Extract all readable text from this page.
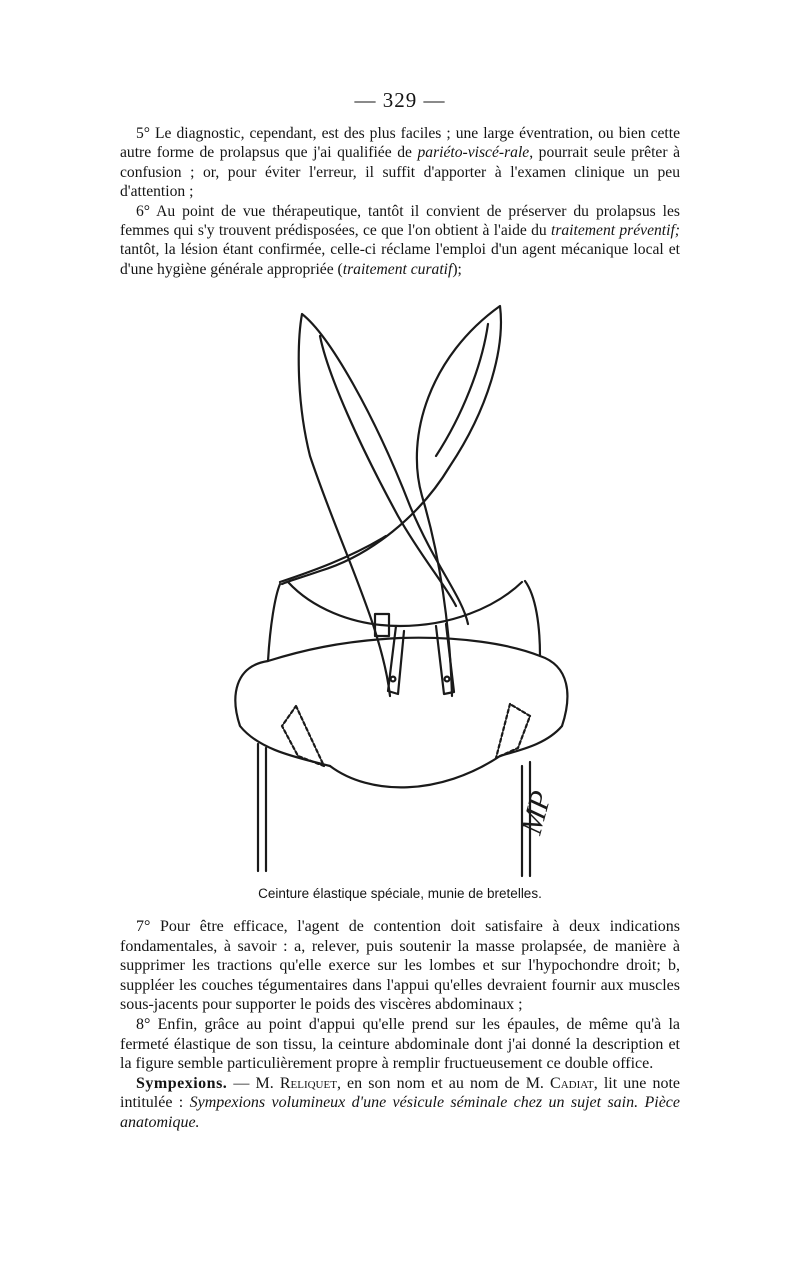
— 329 —

5° Le diagnostic, cependant, est des plus faciles ; une large éventration, ou bien cette autre forme de prolapsus que j'ai qualifiée de pariéto-viscé-rale, pourrait seule prêter à confusion ; or, pour éviter l'erreur, il suffit d'apporter à l'examen clinique un peu d'attention ;

6° Au point de vue thérapeutique, tantôt il convient de préserver du prolapsus les femmes qui s'y trouvent prédisposées, ce que l'on obtient à l'aide du traitement préventif; tantôt, la lésion étant confirmée, celle-ci réclame l'emploi d'un agent mécanique local et d'une hygiène générale appropriée (traitement curatif);

MP
Ceinture élastique spéciale, munie de bretelles.

7° Pour être efficace, l'agent de contention doit satisfaire à deux indications fondamentales, à savoir : a, relever, puis soutenir la masse prolapsée, de manière à supprimer les tractions qu'elle exerce sur les lombes et sur l'hypochondre droit; b, suppléer les couches tégumentaires dans l'appui qu'elles devraient fournir aux muscles sous-jacents pour supporter le poids des viscères abdominaux ;

8° Enfin, grâce au point d'appui qu'elle prend sur les épaules, de même qu'à la fermeté élastique de son tissu, la ceinture abdominale dont j'ai donné la description et la figure semble particulièrement propre à remplir fructueusement ce double office.

Sympexions. — M. Reliquet, en son nom et au nom de M. Cadiat, lit une note intitulée : Sympexions volumineux d'une vésicule séminale chez un sujet sain. Pièce anatomique.
